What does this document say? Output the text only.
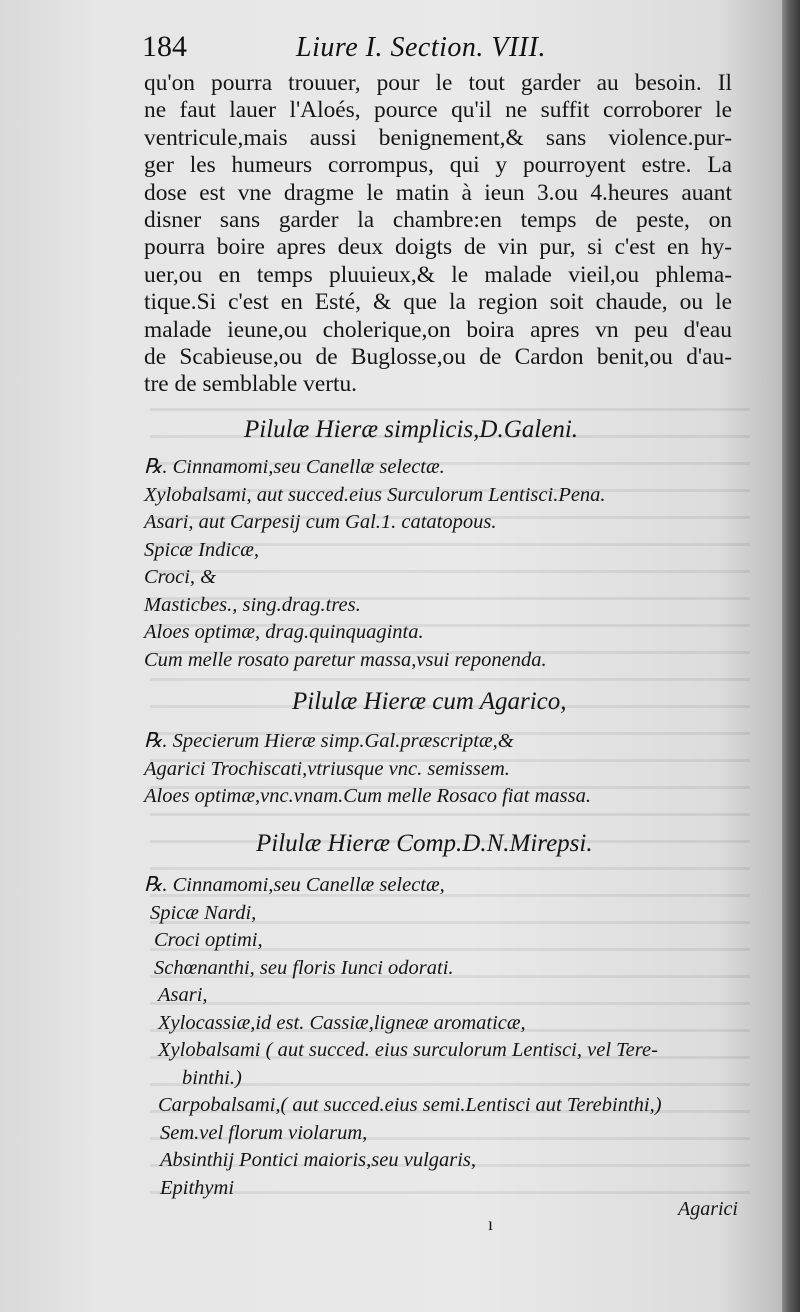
184	Liure I. Section. VIII.
qu'on pourra trouuer, pour le tout garder au besoin. Il
ne faut lauer l'Aloés, pource qu'il ne suffit corroborer le
ventricule,mais aussi benignement,& sans violence.pur-
ger les humeurs corrompus, qui y pourroyent estre. La
dose est vne dragme le matin à ieun 3.ou 4.heures auant
disner sans garder la chambre:en temps de peste, on
pourra boire apres deux doigts de vin pur, si c'est en hy-
uer,ou en temps pluuieux,& le malade vieil,ou phlema-
tique.Si c'est en Esté, & que la region soit chaude, ou le
malade ieune,ou cholerique,on boira apres vn peu d'eau
de Scabieuse,ou de Buglosse,ou de Cardon benit,ou d'au-
tre de semblable vertu.
Pilulæ Hieræ simplicis,D.Galeni.
℞. Cinnamomi,seu Canellæ selectæ.
Xylobalsami, aut succed.eius Surculorum Lentisci.Pena.
Asari, aut Carpesij cum Gal.1. catatopous.
Spicæ Indicæ,
Croci, &
Masticbes., sing.drag.tres.
Aloes optimæ, drag.quinquaginta.
Cum melle rosato paretur massa,vsui reponenda.
Pilulæ Hieræ cum Agarico,
℞. Specierum Hieræ simp.Gal.præscriptæ,&
Agarici Trochiscati,vtriusque vnc. semissem.
Aloes optimæ,vnc.vnam.Cum melle Rosaco fiat massa.
Pilulæ Hieræ Comp.D.N.Mirepsi.
℞. Cinnamomi,seu Canellæ selectæ,
Spicæ Nardi,
Croci optimi,
Schœnanthi, seu floris Iunci odorati.
Asari,
Xylocassiæ,id est. Cassiæ,ligneæ aromaticæ,
Xylobalsami ( aut succed. eius surculorum Lentisci, vel Tere-
binthi.)
Carpobalsami,( aut succed.eius semi.Lentisci aut Terebinthi,)
Sem.vel florum violarum,
Absinthij Pontici maioris,seu vulgaris,
Epithymi
ı
Agarici
